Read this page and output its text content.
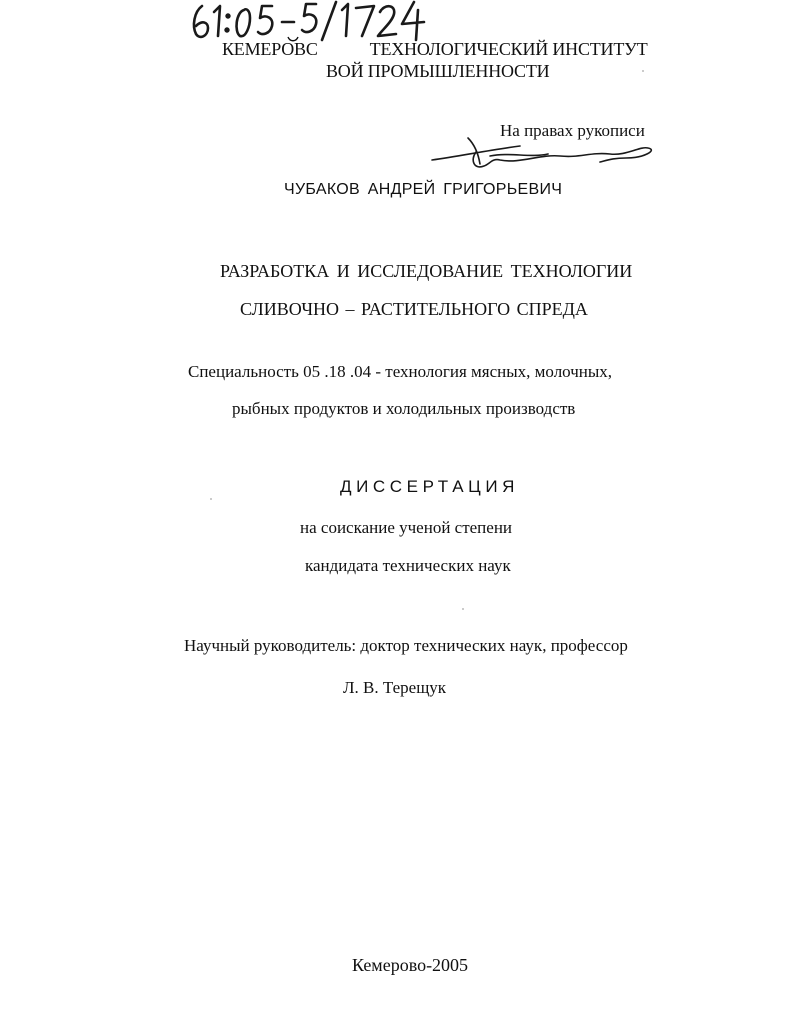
КЕМЕРОВС	ТЕХНОЛОГИЧЕСКИЙ ИНСТИТУТ
ВОЙ ПРОМЫШЛЕННОСТИ
На правах рукописи
ЧУБАКОВ АНДРЕЙ ГРИГОРЬЕВИЧ
РАЗРАБОТКА И ИССЛЕДОВАНИЕ ТЕХНОЛОГИИ
СЛИВОЧНО – РАСТИТЕЛЬНОГО СПРЕДА
Специальность 05 .18 .04 - технология мясных, молочных,
рыбных продуктов и холодильных производств
ДИССЕРТАЦИЯ
на соискание ученой степени
кандидата технических наук
Научный руководитель: доктор технических наук, профессор
Л. В. Терещук
Кемерово-2005
